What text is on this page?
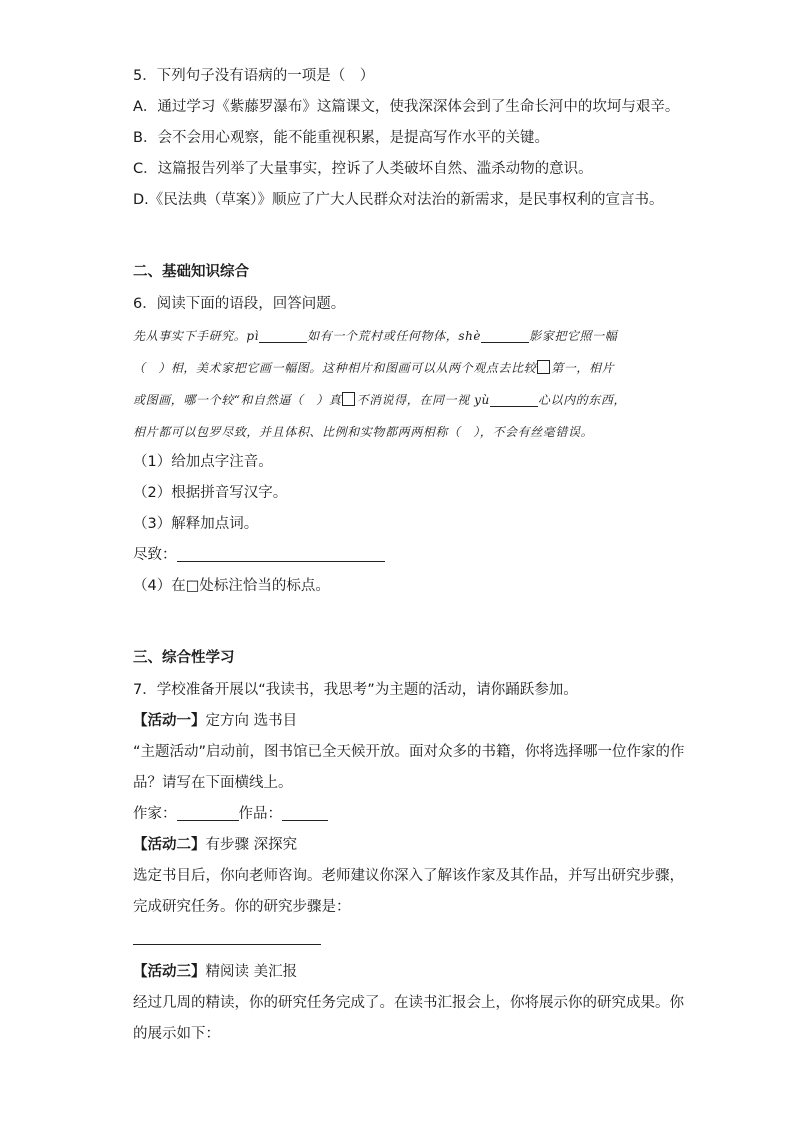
5．下列句子没有语病的一项是（　）
A．通过学习《紫藤罗瀑布》这篇课文，使我深深体会到了生命长河中的坎坷与艰辛。
B．会不会用心观察，能不能重视积累，是提高写作水平的关键。
C．这篇报告列举了大量事实，控诉了人类破坏自然、滥杀动物的意识。
D.《民法典（草案）》顺应了广大人民群众对法治的新需求，是民事权利的宣言书。
二、基础知识综合
6．阅读下面的语段，回答问题。
先从事实下手研究。pì	如有一个荒村或任何物体，shè	影家把它照一幅
（　）相，美术家把它画一幅图。这种相片和图画可以从两个观点去比较 第一，相片
或图画，哪一个较“和自然逼（　）真 不消说得，在同一视 yù	心以内的东西，
相片都可以包罗尽致，并且体积、比例和实物都两两相称（　），不会有丝毫错误。
（1）给加点字注音。
（2）根据拼音写汉字。
（3）解释加点词。
尽致：
（4）在□处标注恰当的标点。
三、综合性学习
7．学校准备开展以“我读书，我思考”为主题的活动，请你踊跃参加。
【活动一】定方向 选书目
“主题活动”启动前，图书馆已全天候开放。面对众多的书籍，你将选择哪一位作家的作
品？请写在下面横线上。
作家：	作品：
【活动二】有步骤 深探究
选定书目后，你向老师咨询。老师建议你深入了解该作家及其作品，并写出研究步骤，
完成研究任务。你的研究步骤是：
【活动三】精阅读 美汇报
经过几周的精读，你的研究任务完成了。在读书汇报会上，你将展示你的研究成果。你
的展示如下：
